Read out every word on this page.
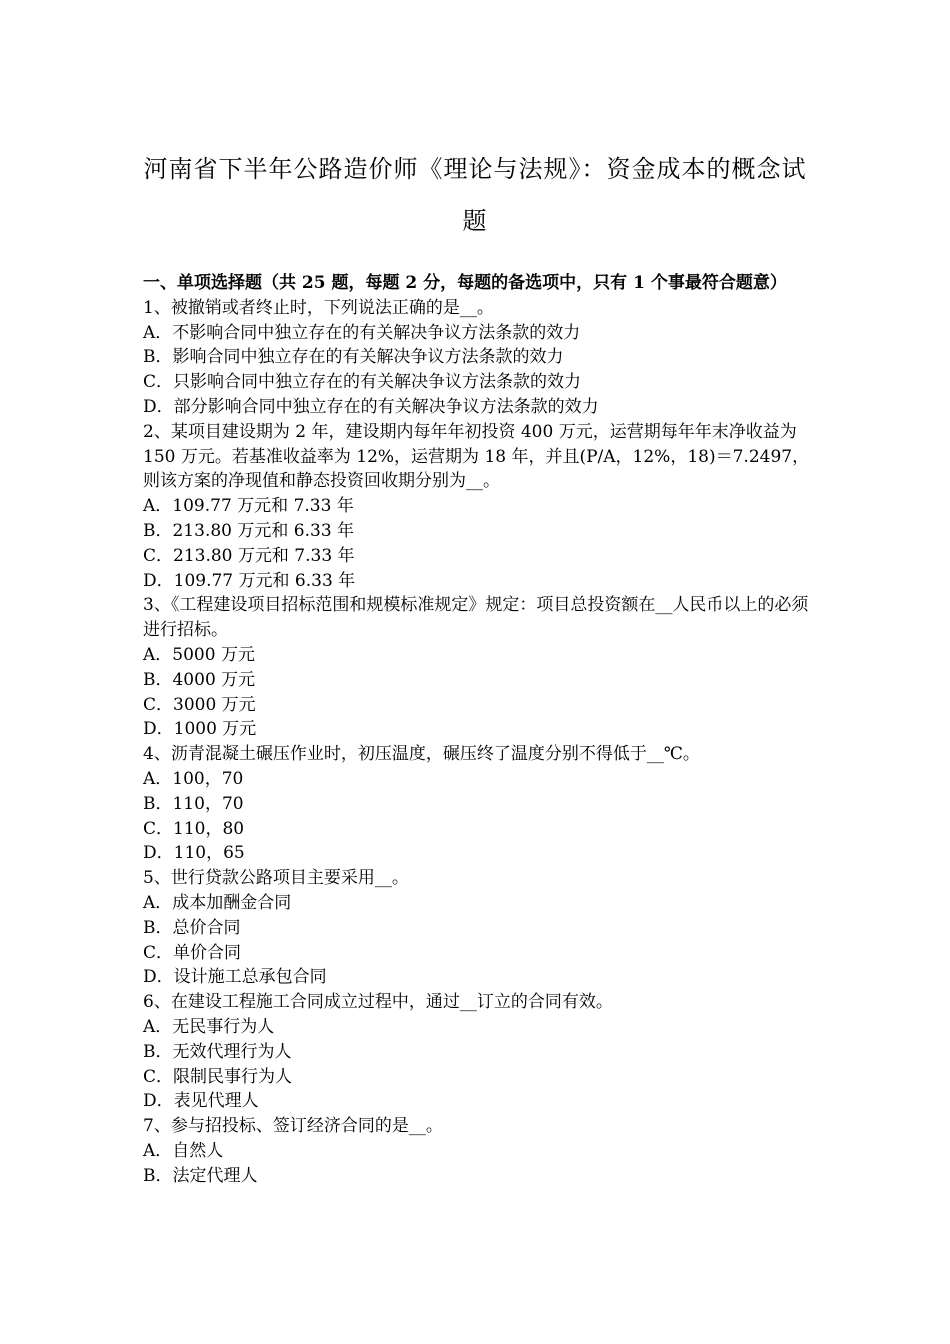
河南省下半年公路造价师《理论与法规》：资金成本的概念试题
一、单项选择题（共 25 题，每题 2 分，每题的备选项中，只有 1 个事最符合题意）
1、被撤销或者终止时，下列说法正确的是__。
A．不影响合同中独立存在的有关解决争议方法条款的效力
B．影响合同中独立存在的有关解决争议方法条款的效力
C．只影响合同中独立存在的有关解决争议方法条款的效力
D．部分影响合同中独立存在的有关解决争议方法条款的效力
2、某项目建设期为 2 年，建设期内每年年初投资 400 万元，运营期每年年末净收益为 150 万元。若基准收益率为 12%，运营期为 18 年，并且(P/A，12%，18)＝7.2497，则该方案的净现值和静态投资回收期分别为__。
A．109.77 万元和 7.33 年
B．213.80 万元和 6.33 年
C．213.80 万元和 7.33 年
D．109.77 万元和 6.33 年
3、《工程建设项目招标范围和规模标准规定》规定：项目总投资额在__人民币以上的必须进行招标。
A．5000 万元
B．4000 万元
C．3000 万元
D．1000 万元
4、沥青混凝土碾压作业时，初压温度，碾压终了温度分别不得低于__℃。
A．100，70
B．110，70
C．110，80
D．110，65
5、世行贷款公路项目主要采用__。
A．成本加酬金合同
B．总价合同
C．单价合同
D．设计施工总承包合同
6、在建设工程施工合同成立过程中，通过__订立的合同有效。
A．无民事行为人
B．无效代理行为人
C．限制民事行为人
D．表见代理人
7、参与招投标、签订经济合同的是__。
A．自然人
B．法定代理人
